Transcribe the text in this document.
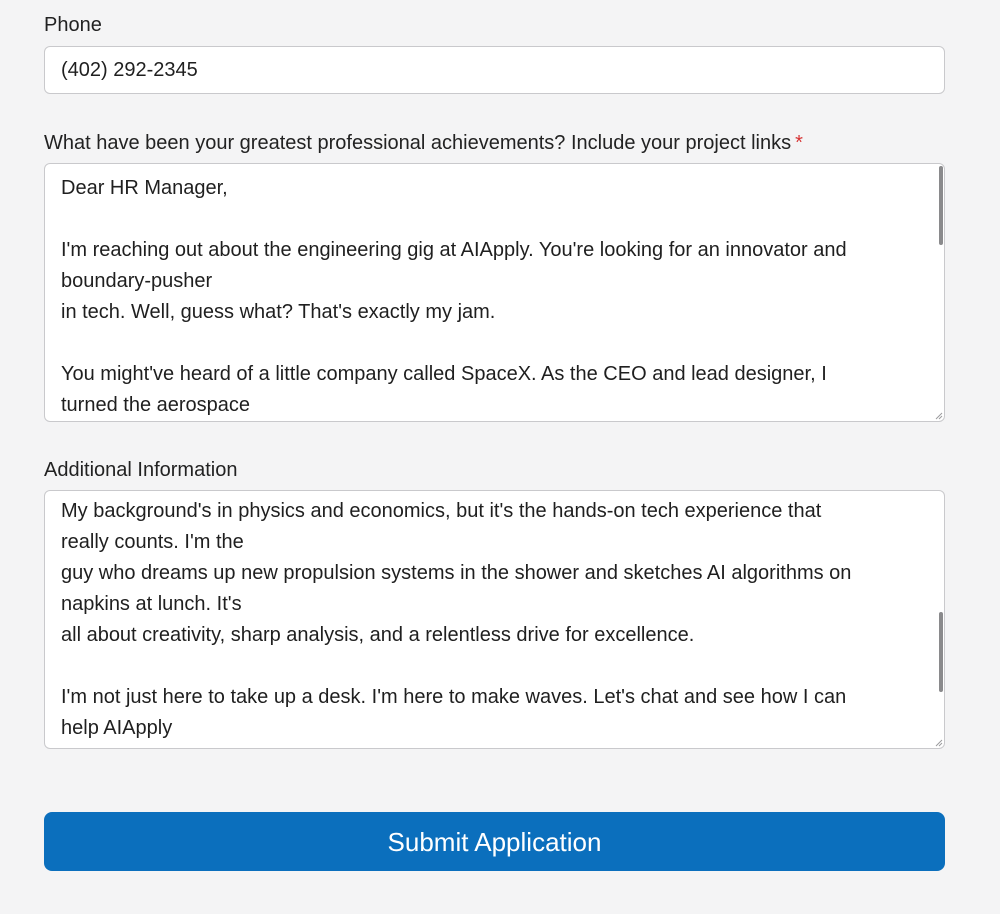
Phone
(402) 292-2345
What have been your greatest professional achievements? Include your project links *
Dear HR Manager,
I'm reaching out about the engineering gig at AIApply. You're looking for an innovator and
boundary-pusher
in tech. Well, guess what? That's exactly my jam.
You might've heard of a little company called SpaceX. As the CEO and lead designer, I
turned the aerospace
Additional Information
My background's in physics and economics, but it's the hands-on tech experience that
really counts. I'm the
guy who dreams up new propulsion systems in the shower and sketches AI algorithms on
napkins at lunch. It's
all about creativity, sharp analysis, and a relentless drive for excellence.
I'm not just here to take up a desk. I'm here to make waves. Let's chat and see how I can
help AIApply
Submit Application
